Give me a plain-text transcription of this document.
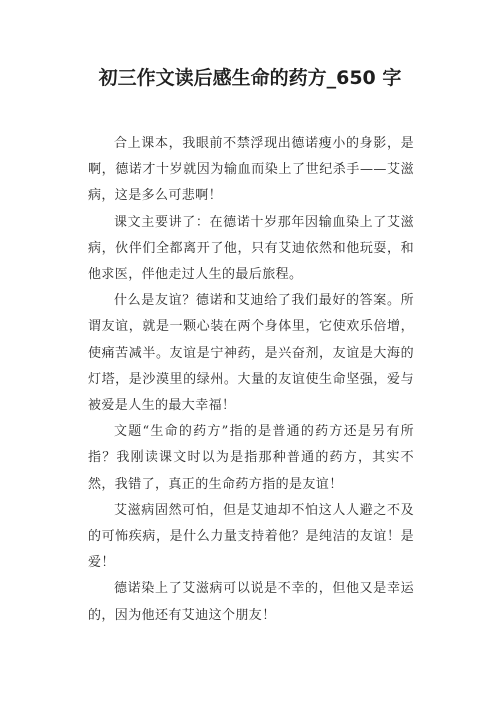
初三作文读后感生命的药方_650 字

合上课本，我眼前不禁浮现出德诺瘦小的身影，是啊，德诺才十岁就因为输血而染上了世纪杀手——艾滋病，这是多么可悲啊！

课文主要讲了：在德诺十岁那年因输血染上了艾滋病，伙伴们全都离开了他，只有艾迪依然和他玩耍，和他求医，伴他走过人生的最后旅程。

什么是友谊？德诺和艾迪给了我们最好的答案。所谓友谊，就是一颗心装在两个身体里，它使欢乐倍增，使痛苦减半。友谊是宁神药，是兴奋剂，友谊是大海的灯塔，是沙漠里的绿州。大量的友谊使生命坚强，爱与被爱是人生的最大幸福！

文题“生命的药方”指的是普通的药方还是另有所指？我刚读课文时以为是指那种普通的药方，其实不然，我错了，真正的生命药方指的是友谊！

艾滋病固然可怕，但是艾迪却不怕这人人避之不及的可怖疾病，是什么力量支持着他？是纯洁的友谊！是爱！

德诺染上了艾滋病可以说是不幸的，但他又是幸运的，因为他还有艾迪这个朋友！
